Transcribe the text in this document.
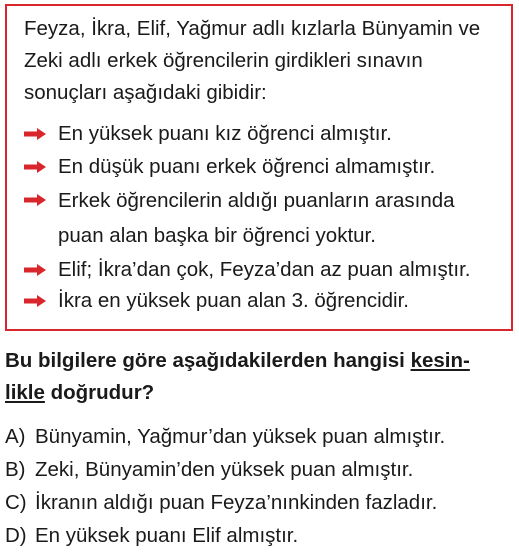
Feyza, İkra, Elif, Yağmur adlı kızlarla Bünyamin ve Zeki adlı erkek öğrencilerin girdikleri sınavın sonuçları aşağıdaki gibidir:

En yüksek puanı kız öğrenci almıştır.
En düşük puanı erkek öğrenci almamıştır.
Erkek öğrencilerin aldığı puanların arasında puan alan başka bir öğrenci yoktur.
Elif; İkra’dan çok, Feyza’dan az puan almıştır.
İkra en yüksek puan alan 3. öğrencidir.

Bu bilgilere göre aşağıdakilerden hangisi kesin-
likle doğrudur?

A) Bünyamin, Yağmur’dan yüksek puan almıştır.
B) Zeki, Bünyamin’den yüksek puan almıştır.
C) İkranın aldığı puan Feyza’nınkinden fazladır.
D) En yüksek puanı Elif almıştır.
